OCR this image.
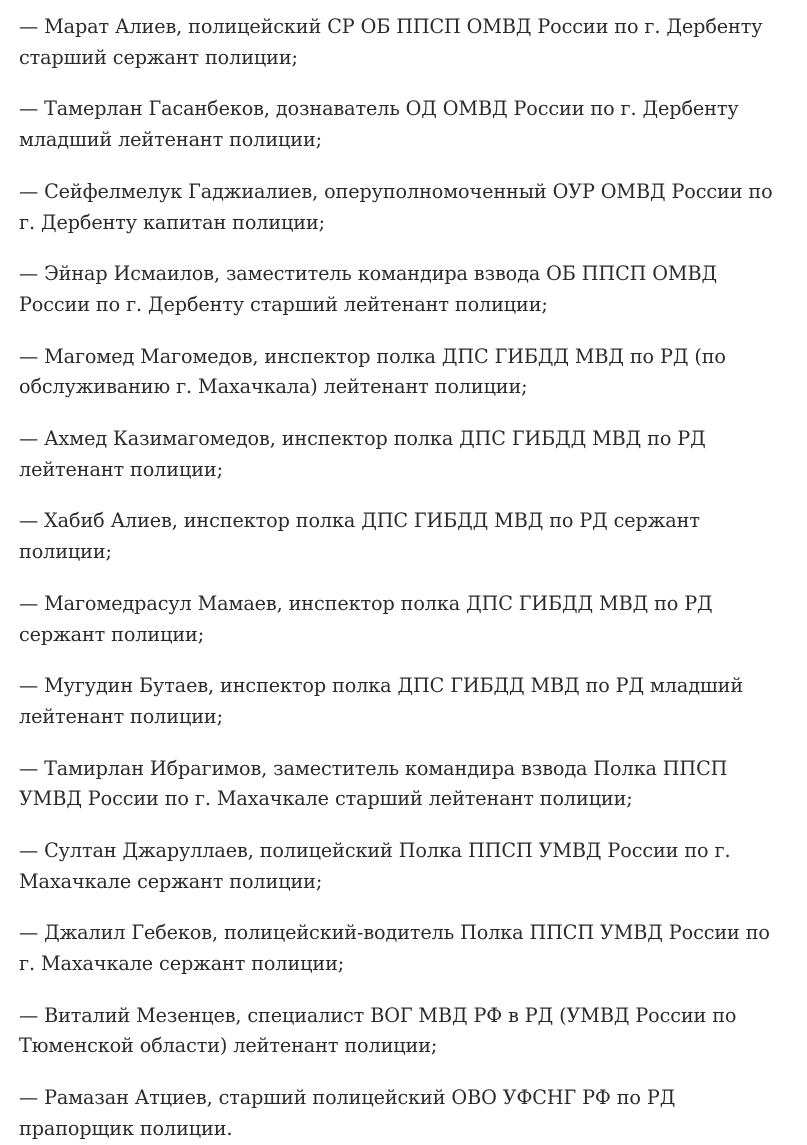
— Марат Алиев, полицейский СР ОБ ППСП ОМВД России по г. Дербенту старший сержант полиции;

— Тамерлан Гасанбеков, дознаватель ОД ОМВД России по г. Дербенту младший лейтенант полиции;

— Сейфелмелук Гаджиалиев, оперуполномоченный ОУР ОМВД России по г. Дербенту капитан полиции;

— Эйнар Исмаилов, заместитель командира взвода ОБ ППСП ОМВД России по г. Дербенту старший лейтенант полиции;

— Магомед Магомедов, инспектор полка ДПС ГИБДД МВД по РД (по обслуживанию г. Махачкала) лейтенант полиции;

— Ахмед Казимагомедов, инспектор полка ДПС ГИБДД МВД по РД лейтенант полиции;

— Хабиб Алиев, инспектор полка ДПС ГИБДД МВД по РД сержант полиции;

— Магомедрасул Мамаев, инспектор полка ДПС ГИБДД МВД по РД сержант полиции;

— Мугудин Бутаев, инспектор полка ДПС ГИБДД МВД по РД младший лейтенант полиции;

— Тамирлан Ибрагимов, заместитель командира взвода Полка ППСП УМВД России по г. Махачкале старший лейтенант полиции;

— Султан Джаруллаев, полицейский Полка ППСП УМВД России по г. Махачкале сержант полиции;

— Джалил Гебеков, полицейский-водитель Полка ППСП УМВД России по г. Махачкале сержант полиции;

— Виталий Мезенцев, специалист ВОГ МВД РФ в РД (УМВД России по Тюменской области) лейтенант полиции;

— Рамазан Атциев, старший полицейский ОВО УФСНГ РФ по РД прапорщик полиции.
